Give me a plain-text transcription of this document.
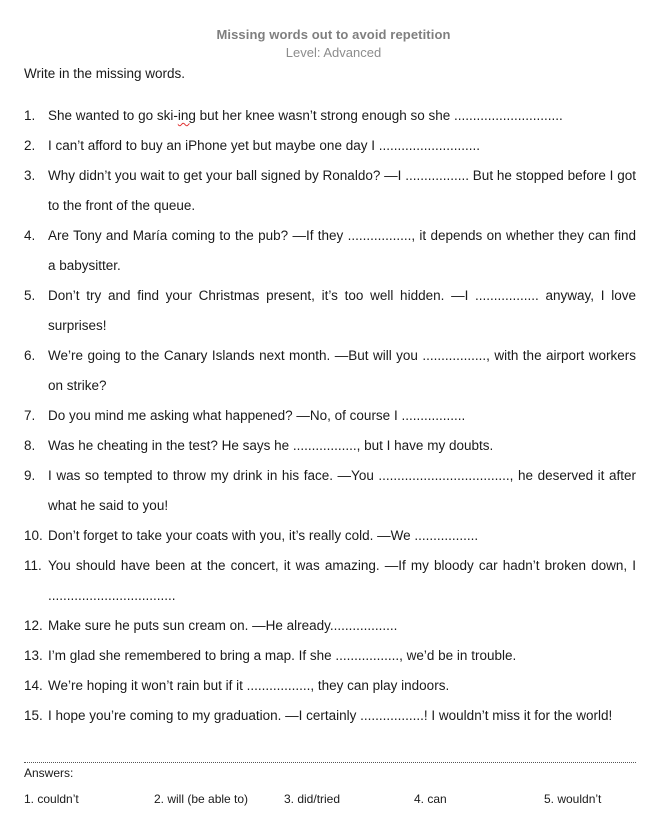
Missing words out to avoid repetition
Level: Advanced
Write in the missing words.
1. She wanted to go ski-ing but her knee wasn’t strong enough so she .............................
2. I can’t afford to buy an iPhone yet but maybe one day I ...........................
3. Why didn’t you wait to get your ball signed by Ronaldo? —I ................. But he stopped before I got to the front of the queue.
4. Are Tony and María coming to the pub? —If they ................., it depends on whether they can find a babysitter.
5. Don’t try and find your Christmas present, it’s too well hidden. —I ................. anyway, I love surprises!
6. We’re going to the Canary Islands next month. —But will you ................., with the airport workers on strike?
7. Do you mind me asking what happened? —No, of course I .................
8. Was he cheating in the test? He says he ................., but I have my doubts.
9. I was so tempted to throw my drink in his face. —You ..................................., he deserved it after what he said to you!
10. Don’t forget to take your coats with you, it’s really cold. —We .................
11. You should have been at the concert, it was amazing. —If my bloody car hadn’t broken down, I ..................................
12. Make sure he puts sun cream on. —He already..................
13. I’m glad she remembered to bring a map. If she ................., we’d be in trouble.
14. We’re hoping it won’t rain but if it ................., they can play indoors.
15. I hope you’re coming to my graduation. —I certainly .................! I wouldn’t miss it for the world!
Answers:
1. couldn’t	2. will (be able to)	3. did/tried	4. can	5. wouldn’t
